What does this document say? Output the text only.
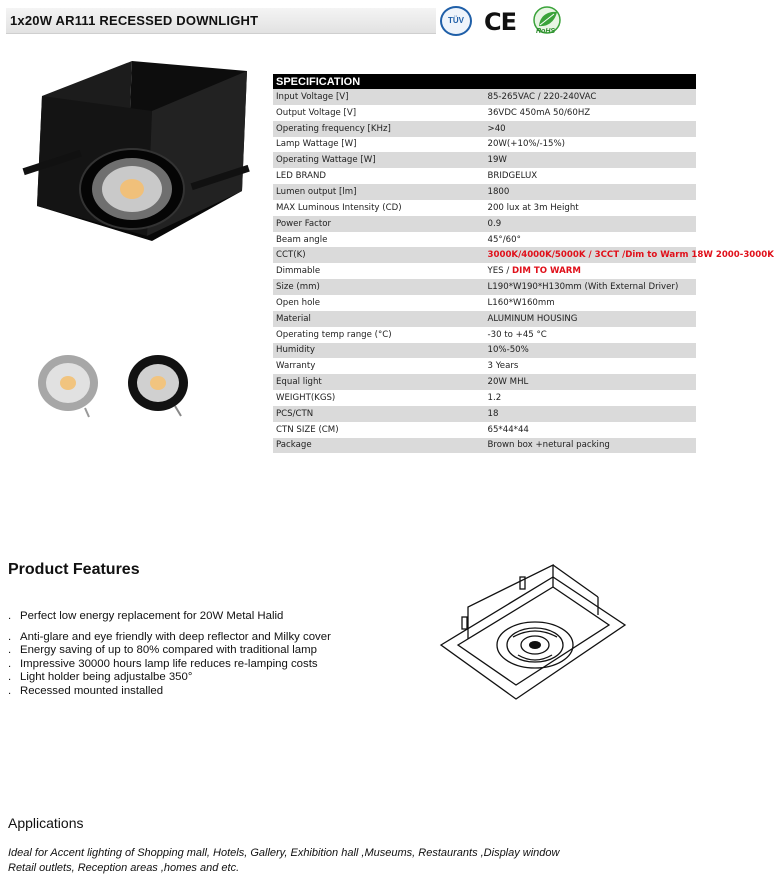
1x20W AR111 RECESSED DOWNLIGHT	TÜV CE	RoHS
SPECIFICATION	
Input Voltage [V]	85-265VAC / 220-240VAC
Output Voltage [V]	36VDC 450mA 50/60HZ
Operating frequency [KHz]	>40
Lamp Wattage [W]	20W(+10%/-15%)
Operating Wattage [W]	19W
LED BRAND	BRIDGELUX
Lumen output [lm]	1800
MAX Luminous Intensity (CD)	200 lux at 3m Height
Power Factor	0.9
Beam angle	45°/60°
CCT(K)	3000K/4000K/5000K / 3CCT /Dim to Warm 18W 2000-3000K
Dimmable	YES / DIM TO WARM
Size (mm)	L190*W190*H130mm (With External Driver)
Open hole	L160*W160mm
Material	ALUMINUM HOUSING
Operating temp range (°C)	-30 to +45 °C
Humidity	10%-50%
Warranty	3 Years
Equal light	20W MHL
WEIGHT(KGS)	1.2
PCS/CTN	18
CTN SIZE (CM)	65*44*44
Package	Brown box +netural packing
Product Features
. Perfect low energy replacement for 20W Metal Halid
. Anti-glare and eye friendly with deep reflector and Milky cover
. Energy saving of up to 80% compared with traditional lamp
. Impressive 30000 hours lamp life reduces re-lamping costs
. Light holder being adjustalbe 350°
. Recessed mounted installed
Applications
Ideal for Accent lighting of Shopping mall, Hotels, Gallery, Exhibition hall ,Museums, Restaurants ,Display window
Retail outlets, Reception areas ,homes and etc.
